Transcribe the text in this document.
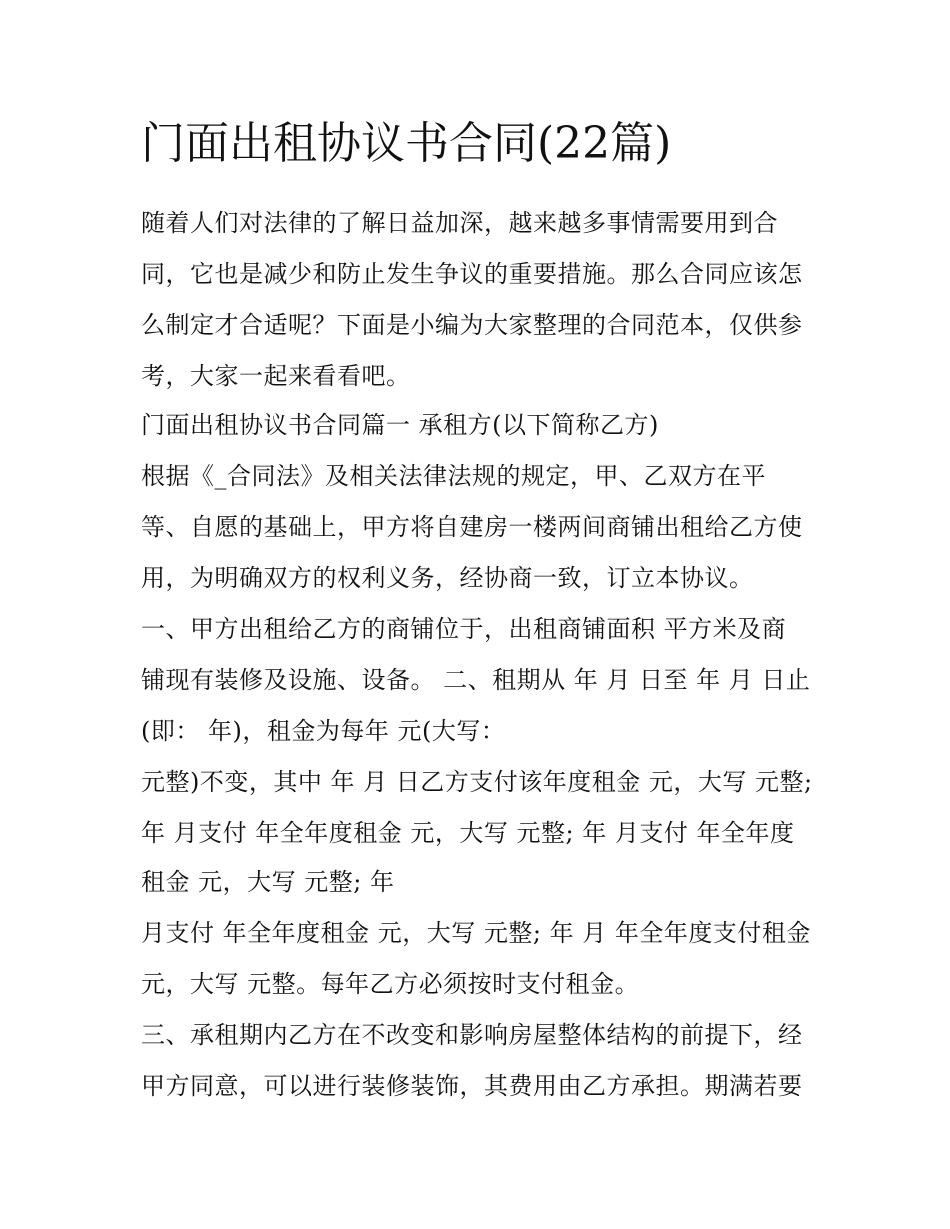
门面出租协议书合同(22篇)

随着人们对法律的了解日益加深，越来越多事情需要用到合

同，它也是减少和防止发生争议的重要措施。那么合同应该怎

么制定才合适呢？下面是小编为大家整理的合同范本，仅供参

考，大家一起来看看吧。

门面出租协议书合同篇一 承租方(以下简称乙方)

根据《_合同法》及相关法律法规的规定，甲、乙双方在平

等、自愿的基础上，甲方将自建房一楼两间商铺出租给乙方使

用，为明确双方的权利义务，经协商一致，订立本协议。

一、甲方出租给乙方的商铺位于，出租商铺面积 平方米及商

铺现有装修及设施、设备。 二、租期从 年 月 日至 年 月 日止

(即： 年)，租金为每年 元(大写：

元整)不变，其中 年 月 日乙方支付该年度租金 元，大写 元整;

年 月支付 年全年度租金 元，大写 元整; 年 月支付 年全年度

租金 元，大写 元整; 年

月支付 年全年度租金 元，大写 元整; 年 月 年全年度支付租金

元，大写 元整。每年乙方必须按时支付租金。

三、承租期内乙方在不改变和影响房屋整体结构的前提下，经

甲方同意，可以进行装修装饰，其费用由乙方承担。期满若要
